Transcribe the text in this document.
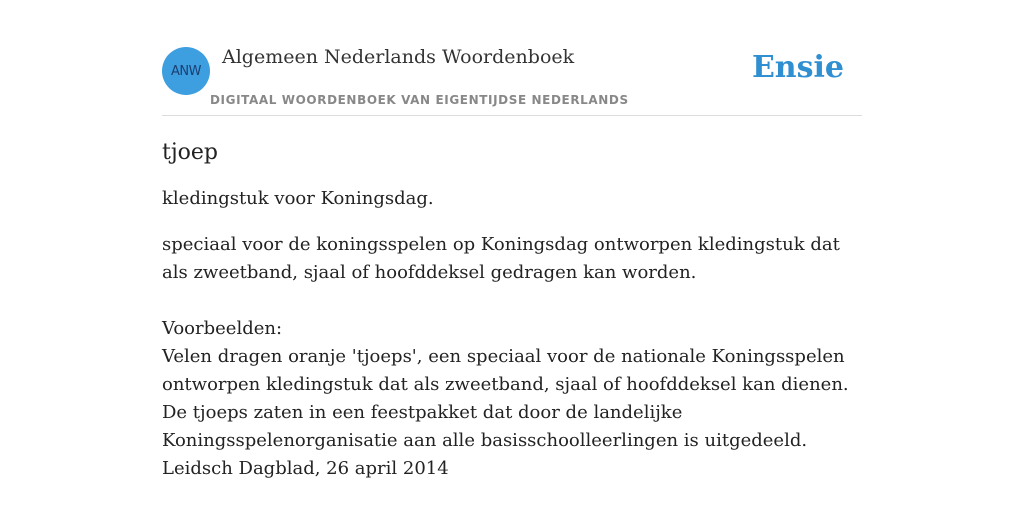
ANW
Algemeen Nederlands Woordenboek
DIGITAAL WOORDENBOEK VAN EIGENTIJDSE NEDERLANDS
Ensie
tjoep

kledingstuk voor Koningsdag.

speciaal voor de koningsspelen op Koningsdag ontworpen kledingstuk dat als zweetband, sjaal of hoofddeksel gedragen kan worden.

Voorbeelden:

Velen dragen oranje 'tjoeps', een speciaal voor de nationale Koningsspelen ontworpen kledingstuk dat als zweetband, sjaal of hoofddeksel kan dienen. De tjoeps zaten in een feestpakket dat door de landelijke Koningsspelenorganisatie aan alle basisschoolleerlingen is uitgedeeld.

Leidsch Dagblad, 26 april 2014
